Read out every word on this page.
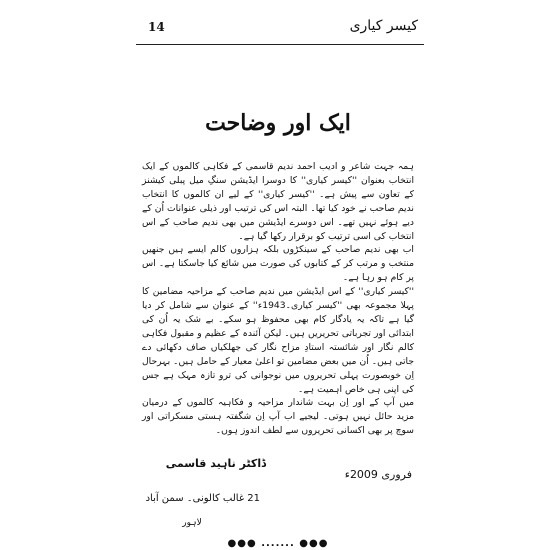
14	کیسر کیاری
ایک اور وضاحت

ہمہ جہت شاعر و ادیب احمد ندیم قاسمی کے فکاہی کالموں کے ایک انتخاب بعنوان ''کیسر کیاری'' کا دوسرا ایڈیشن سنگِ میل پبلی کیشنز کے تعاون سے پیش ہے۔ ''کیسر کیاری'' کے لیے ان کالموں کا انتخاب ندیم صاحب نے خود کیا تھا۔ البتہ اس کی ترتیب اور ذیلی عنوانات اُن کے دیے ہوئے نہیں تھے۔ اس دوسرے ایڈیشن میں بھی ندیم صاحب کے اس انتخاب کی اسی ترتیب کو برقرار رکھا گیا ہے۔

اب بھی ندیم صاحب کے سینکڑوں بلکہ ہزاروں کالم ایسے ہیں جنھیں منتخب و مرتب کر کے کتابوں کی صورت میں شائع کیا جاسکتا ہے۔ اس پر کام ہو رہا ہے۔

''کیسر کیاری'' کے اس ایڈیشن میں ندیم صاحب کے مزاحیہ مضامین کا پہلا مجموعہ بھی ''کیسر کیاری۔1943ء'' کے عنوان سے شامل کر دیا گیا ہے تاکہ یہ یادگار کام بھی محفوظ ہو سکے۔ بے شک یہ اُن کی ابتدائی اور تجرباتی تحریریں ہیں۔ لیکن آئندہ کے عظیم و مقبول فکاہی کالم نگار اور شائستہ استادِ مزاح نگار کی جھلکیاں صاف دکھائی دے جاتی ہیں۔ اُن میں بعض مضامین تو اعلیٰ معیار کے حامل ہیں۔ بہرحال اِن خوبصورت پہلی تحریروں میں نوجوانی کی ترو تازہ مہک ہے جس کی اپنی ہی خاص اہمیت ہے۔

میں آپ کے اور اِن بہت شاندار مزاحیہ و فکاہیہ کالموں کے درمیان مزید حائل نہیں ہوتی۔ لیجیے اب آپ اِن شگفتہ ہستی مسکراتی اور سوچ پر بھی اکسانی تحریروں سے لطف اندوز ہوں۔

ڈاکٹر ناہید قاسمی
فروری 2009ء
21 غالب کالونی۔ سمن آباد
لاہور
●●● ....... ●●●
